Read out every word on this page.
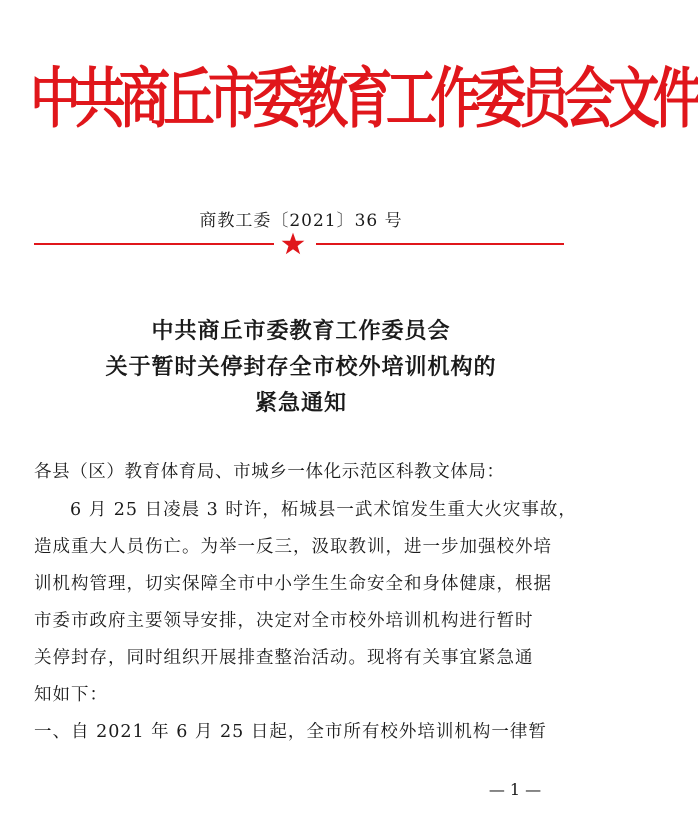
中共商丘市委教育工作委员会文件
商教工委〔2021〕36 号
中共商丘市委教育工作委员会
关于暂时关停封存全市校外培训机构的
紧急通知
各县（区）教育体育局、市城乡一体化示范区科教文体局：
6 月 25 日凌晨 3 时许，柘城县一武术馆发生重大火灾事故，
造成重大人员伤亡。为举一反三，汲取教训，进一步加强校外培
训机构管理，切实保障全市中小学生生命安全和身体健康，根据
市委市政府主要领导安排，决定对全市校外培训机构进行暂时
关停封存，同时组织开展排查整治活动。现将有关事宜紧急通
知如下：
一、自 2021 年 6 月 25 日起，全市所有校外培训机构一律暂
— 1 —
